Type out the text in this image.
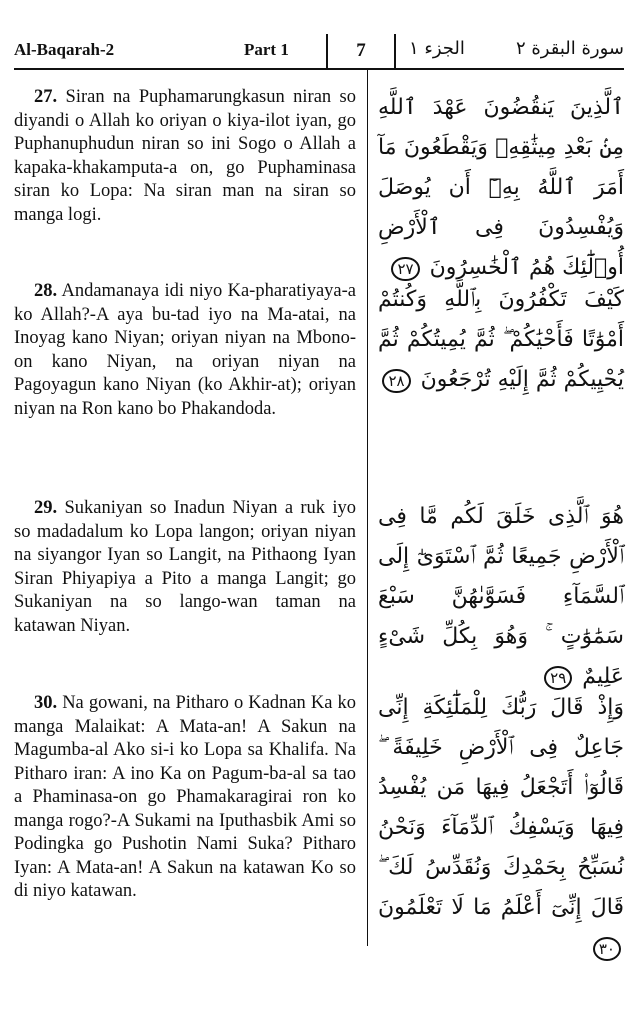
Al-Baqarah-2	Part 1	7	الجزء ١	سورة البقرة ٢

27. Siran na Puphamarungkasun niran so diyandi o Allah ko oriyan o kiya-ilot iyan, go Puphanuphudun niran so ini Sogo o Allah a kapaka-khakamputa-a on, go Puphaminasa siran ko Lopa: Na siran man na siran so manga logi.

ٱلَّذِينَ يَنقُضُونَ عَهْدَ ٱللَّهِ مِنۢ بَعْدِ مِيثَٰقِهِۦ وَيَقْطَعُونَ مَآ أَمَرَ ٱللَّهُ بِهِۦٓ أَن يُوصَلَ وَيُفْسِدُونَ فِى ٱلْأَرْضِ أُو۟لَٰٓئِكَ هُمُ ٱلْخَٰسِرُونَ ٢٧

28. Andamanaya idi niyo Ka-pharatiyaya-a ko Allah?-A aya bu-tad iyo na Ma-atai, na Inoyag kano Niyan; oriyan niyan na Mbono-on kano Niyan, na oriyan niyan na Pagoyagun kano Niyan (ko Akhir-at); oriyan niyan na Ron kano bo Phakandoda.

كَيْفَ تَكْفُرُونَ بِٱللَّهِ وَكُنتُمْ أَمْوَٰتًا فَأَحْيَٰكُمْ ۖ ثُمَّ يُمِيتُكُمْ ثُمَّ يُحْيِيكُمْ ثُمَّ إِلَيْهِ تُرْجَعُونَ ٢٨

29. Sukaniyan so Inadun Niyan a ruk iyo so madadalum ko Lopa langon; oriyan niyan na siyangor Iyan so Langit, na Pithaong Iyan Siran Phiyapiya a Pito a manga Langit; go Sukaniyan na so lango-wan taman na katawan Niyan.

هُوَ ٱلَّذِى خَلَقَ لَكُم مَّا فِى ٱلْأَرْضِ جَمِيعًا ثُمَّ ٱسْتَوَىٰٓ إِلَى ٱلسَّمَآءِ فَسَوَّىٰهُنَّ سَبْعَ سَمَٰوَٰتٍ ۚ وَهُوَ بِكُلِّ شَىْءٍ عَلِيمٌ ٢٩

30. Na gowani, na Pitharo o Kadnan Ka ko manga Malaikat: A Mata-an! A Sakun na Magumba-al Ako si-i ko Lopa sa Khalifa. Na Pitharo iran: A ino Ka on Pagum-ba-al sa tao a Phaminasa-on go Phamakaragirai ron ko manga rogo?-A Sukami na Iputhasbik Ami so Podingka go Pushotin Nami Suka? Pitharo Iyan: A Mata-an! A Sakun na katawan Ko so di niyo katawan.

وَإِذْ قَالَ رَبُّكَ لِلْمَلَٰٓئِكَةِ إِنِّى جَاعِلٌ فِى ٱلْأَرْضِ خَلِيفَةً ۖ قَالُوٓا۟ أَتَجْعَلُ فِيهَا مَن يُفْسِدُ فِيهَا وَيَسْفِكُ ٱلدِّمَآءَ وَنَحْنُ نُسَبِّحُ بِحَمْدِكَ وَنُقَدِّسُ لَكَ ۖ قَالَ إِنِّىٓ أَعْلَمُ مَا لَا تَعْلَمُونَ ٣٠
